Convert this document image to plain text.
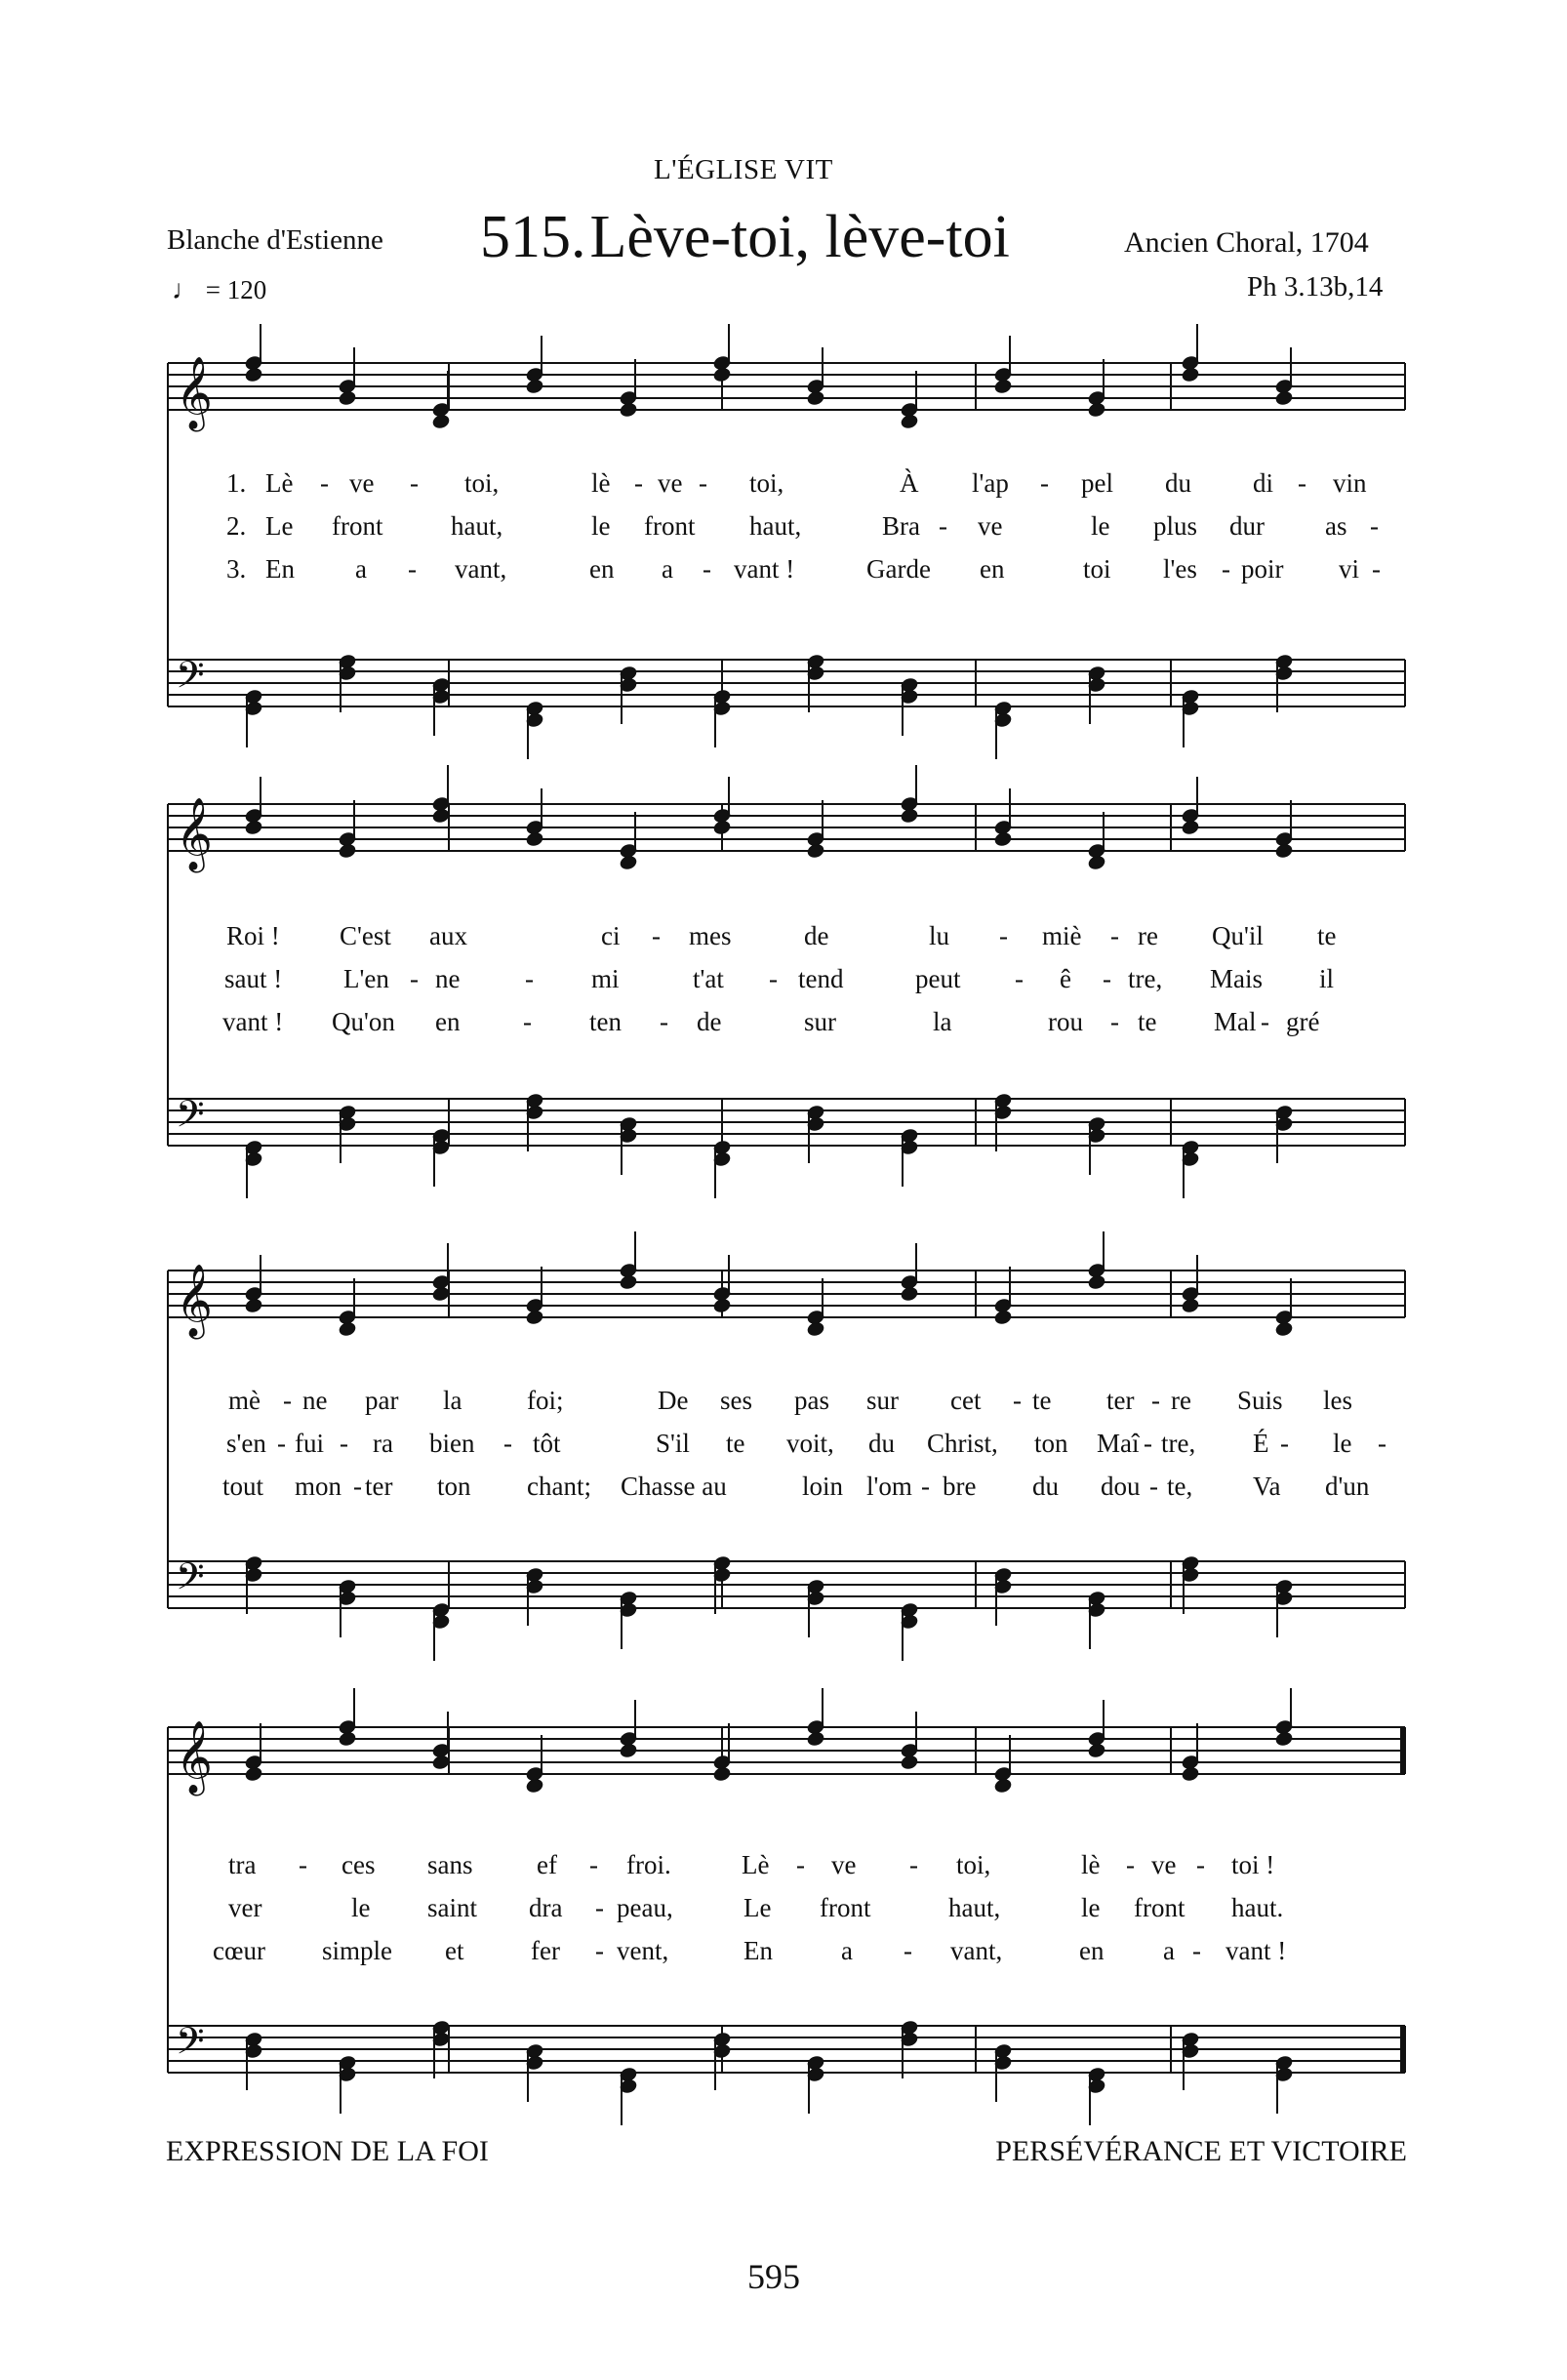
L'ÉGLISE VIT
Blanche d'Estienne 515. Lève-toi, lève-toi	Ancien Choral, 1704
♩ = 120	Ph 3.13b,14
𝄞
𝄢
𝄞
𝄢
𝄞
𝄢
𝄞
𝄢
1. Lè - ve - toi,	lè - ve - toi,	À l'ap - pel du di - vin
2. Le front	haut,	le front haut,	Bra - ve	le plus dur as -
3. En a - vant,	en a - vant !	Garde en	toi l'es - poir vi -
Roi ! C'est aux	ci - mes	de	lu - miè - re Qu'il te
saut ! L'en - ne - mi	t'at - tend	peut - ê - tre, Mais il
vant ! Qu'on en - ten - de	sur	la	rou - te Mal - gré
mè - ne par la foi;	De ses pas sur cet - te ter - re Suis les
s'en - fui - ra bien - tôt	S'il te voit, du Christ, ton Maî - tre, É - le -
tout mon - ter ton chant; Chasse au	loin l'om - bre du dou - te, Va d'un
tra - ces sans ef - froi.	Lè - ve - toi,	lè - ve - toi !
ver	le saint dra - peau,	Le front	haut,	le front haut.
cœur simple et	fer - vent,	En	a - vant,	en a - vant !
EXPRESSION DE LA FOI	PERSÉVÉRANCE ET VICTOIRE
595
